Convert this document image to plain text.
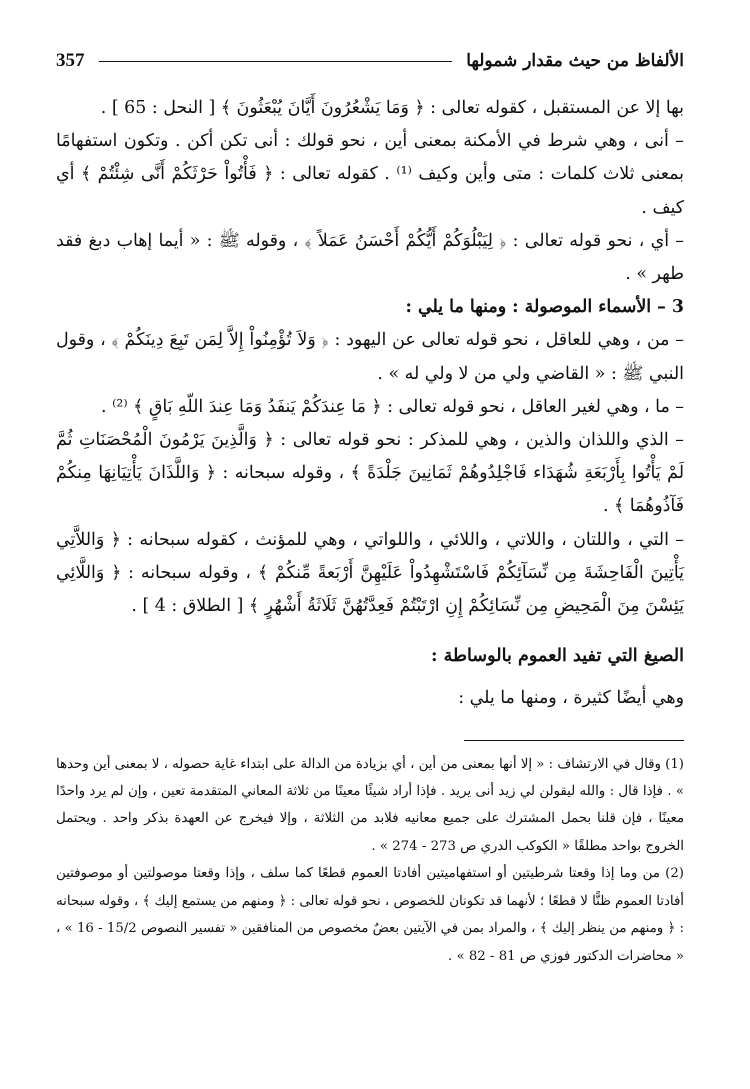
الألفاظ من حيث مقدار شمولها
357

بها إلا عن المستقبل ، كقوله تعالى : ﴿ وَمَا يَشْعُرُونَ أَيَّانَ يُبْعَثُونَ ﴾ [ النحل : 65 ] .

– أنى ، وهي شرط في الأمكنة بمعنى أين ، نحو قولك : أنى تكن أكن . وتكون استفهامًا بمعنى ثلاث كلمات : متى وأين وكيف ⁽¹⁾ . كقوله تعالى : ﴿ فَأْتُواْ حَرْثَكُمْ أَنَّى شِئْتُمْ ﴾ أي كيف .

– أي ، نحو قوله تعالى : ﴿ لِيَبْلُوَكُمْ أَيُّكُمْ أَحْسَنُ عَمَلاً ﴾ ، وقوله ﷺ : « أيما إهاب دبغ فقد طهر » .

3 – الأسماء الموصولة : ومنها ما يلي :

– من ، وهي للعاقل ، نحو قوله تعالى عن اليهود : ﴿ وَلاَ تُؤْمِنُواْ إِلاَّ لِمَن تَبِعَ دِينَكُمْ ﴾ ، وقول النبي ﷺ : « القاضي ولي من لا ولي له » .

– ما ، وهي لغير العاقل ، نحو قوله تعالى : ﴿ مَا عِندَكُمْ يَنفَدُ وَمَا عِندَ اللّهِ بَاقٍ ﴾ ⁽²⁾ .

– الذي واللذان والذين ، وهي للمذكر : نحو قوله تعالى : ﴿ وَالَّذِينَ يَرْمُونَ الْمُحْصَنَاتِ ثُمَّ لَمْ يَأْتُوا بِأَرْبَعَةِ شُهَدَاء فَاجْلِدُوهُمْ ثَمَانِينَ جَلْدَةً ﴾ ، وقوله سبحانه : ﴿ وَاللَّذَانَ يَأْتِيَانِهَا مِنكُمْ فَآذُوهُمَا ﴾ .

– التي ، واللتان ، واللاتي ، واللائي ، واللواتي ، وهي للمؤنث ، كقوله سبحانه : ﴿ وَاللاَّتِي يَأْتِينَ الْفَاحِشَةَ مِن نِّسَآئِكُمْ فَاسْتَشْهِدُواْ عَلَيْهِنَّ أَرْبَعةً مِّنكُمْ ﴾ ، وقوله سبحانه : ﴿ وَاللَّائِي يَئِسْنَ مِنَ الْمَحِيضِ مِن نِّسَائِكُمْ إِنِ ارْتَبْتُمْ فَعِدَّتُهُنَّ ثَلَاثَةُ أَشْهُرٍ ﴾ [ الطلاق : 4 ] .

الصيغ التي تفيد العموم بالوساطة :

وهي أيضًا كثيرة ، ومنها ما يلي :

(1) وقال في الارتشاف : « إلا أنها بمعنى من أين ، أي بزيادة من الدالة على ابتداء غاية حصوله ، لا بمعنى أين وحدها » . فإذا قال : والله ليقولن لي زيد أنى يريد . فإذا أراد شيئًا معينًا من ثلاثة المعاني المتقدمة تعين ، وإن لم يرد واحدًا معينًا ، فإن قلنا بحمل المشترك على جميع معانيه فلابد من الثلاثة ، وإلا فيخرج عن العهدة بذكر واحد . ويحتمل الخروج بواحد مطلقًا « الكوكب الدري ص 273 - 274 » .

(2) من وما إذا وقعتا شرطيتين أو استفهاميتين أفادتا العموم قطعًا كما سلف ، وإذا وقعتا موصولتين أو موصوفتين أفادتا العموم ظنًّا لا قطعًا ؛ لأنهما قد تكونان للخصوص ، نحو قوله تعالى : ﴿ ومنهم من يستمع إليك ﴾ ، وقوله سبحانه : ﴿ ومنهم من ينظر إليك ﴾ ، والمراد بمن في الآيتين بعضٌ مخصوص من المنافقين « تفسير النصوص 15/2 - 16 » ، « محاضرات الدكتور فوزي ص 81 - 82 » .
